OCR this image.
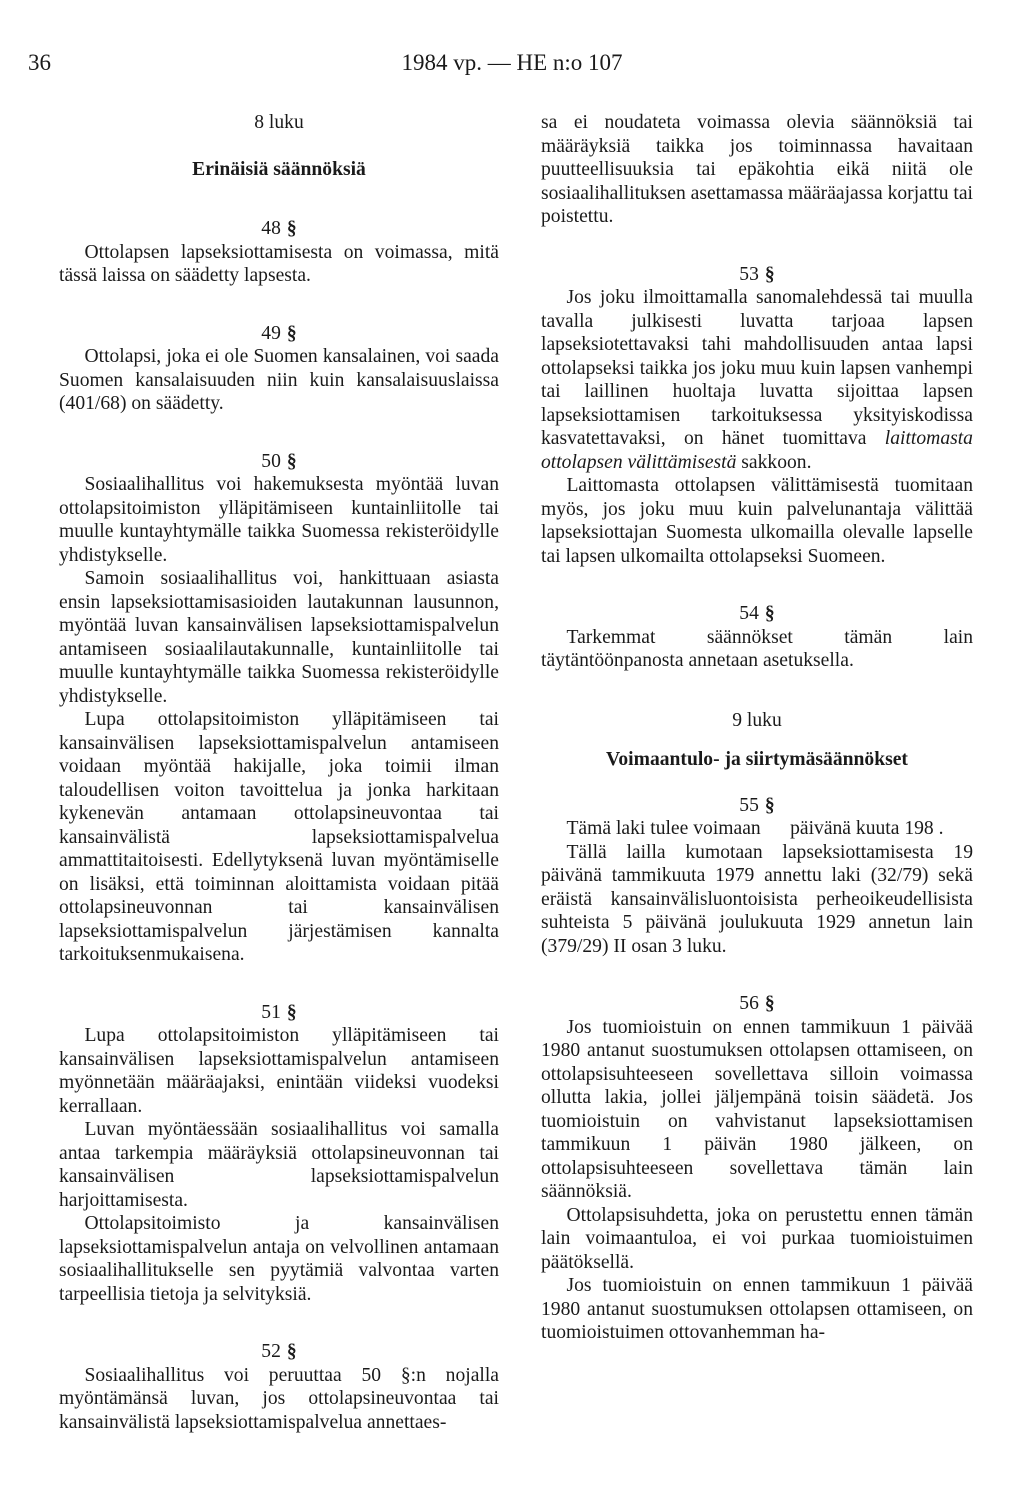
36	1984 vp. — HE n:o 107

8 luku

Erinäisiä säännöksiä

48 §

Ottolapsen lapseksiottamisesta on voimassa, mitä tässä laissa on säädetty lapsesta.

49 §

Ottolapsi, joka ei ole Suomen kansalainen, voi saada Suomen kansalaisuuden niin kuin kansalaisuuslaissa (401/68) on säädetty.

50 §

Sosiaalihallitus voi hakemuksesta myöntää luvan ottolapsitoimiston ylläpitämiseen kuntainliitolle tai muulle kuntayhtymälle taikka Suomessa rekisteröidylle yhdistykselle.

Samoin sosiaalihallitus voi, hankittuaan asiasta ensin lapseksiottamisasioiden lautakunnan lausunnon, myöntää luvan kansainvälisen lapseksiottamispalvelun antamiseen sosiaalilautakunnalle, kuntainliitolle tai muulle kuntayhtymälle taikka Suomessa rekisteröidylle yhdistykselle.

Lupa ottolapsitoimiston ylläpitämiseen tai kansainvälisen lapseksiottamispalvelun antamiseen voidaan myöntää hakijalle, joka toimii ilman taloudellisen voiton tavoittelua ja jonka harkitaan kykenevän antamaan ottolapsineuvontaa tai kansainvälistä lapseksiottamispalvelua ammattitaitoisesti. Edellytyksenä luvan myöntämiselle on lisäksi, että toiminnan aloittamista voidaan pitää ottolapsineuvonnan tai kansainvälisen lapseksiottamispalvelun järjestämisen kannalta tarkoituksenmukaisena.

51 §

Lupa ottolapsitoimiston ylläpitämiseen tai kansainvälisen lapseksiottamispalvelun antamiseen myönnetään määräajaksi, enintään viideksi vuodeksi kerrallaan.

Luvan myöntäessään sosiaalihallitus voi samalla antaa tarkempia määräyksiä ottolapsineuvonnan tai kansainvälisen lapseksiottamispalvelun harjoittamisesta.

Ottolapsitoimisto ja kansainvälisen lapseksiottamispalvelun antaja on velvollinen antamaan sosiaalihallitukselle sen pyytämiä valvontaa varten tarpeellisia tietoja ja selvityksiä.

52 §

Sosiaalihallitus voi peruuttaa 50 §:n nojalla myöntämänsä luvan, jos ottolapsineuvontaa tai kansainvälistä lapseksiottamispalvelua annettaes-

sa ei noudateta voimassa olevia säännöksiä tai määräyksiä taikka jos toiminnassa havaitaan puutteellisuuksia tai epäkohtia eikä niitä ole sosiaalihallituksen asettamassa määräajassa korjattu tai poistettu.

53 §

Jos joku ilmoittamalla sanomalehdessä tai muulla tavalla julkisesti luvatta tarjoaa lapsen lapseksiotettavaksi tahi mahdollisuuden antaa lapsi ottolapseksi taikka jos joku muu kuin lapsen vanhempi tai laillinen huoltaja luvatta sijoittaa lapsen lapseksiottamisen tarkoituksessa yksityiskodissa kasvatettavaksi, on hänet tuomittava laittomasta ottolapsen välittämisestä sakkoon.

Laittomasta ottolapsen välittämisestä tuomitaan myös, jos joku muu kuin palvelunantaja välittää lapseksiottajan Suomesta ulkomailla olevalle lapselle tai lapsen ulkomailta ottolapseksi Suomeen.

54 §

Tarkemmat säännökset tämän lain täytäntöönpanosta annetaan asetuksella.

9 luku

Voimaantulo- ja siirtymäsäännökset

55 §

Tämä laki tulee voimaan      päivänä kuuta 198 .

Tällä lailla kumotaan lapseksiottamisesta 19 päivänä tammikuuta 1979 annettu laki (32/79) sekä eräistä kansainvälisluontoisista perheoikeudellisista suhteista 5 päivänä joulukuuta 1929 annetun lain (379/29) II osan 3 luku.

56 §

Jos tuomioistuin on ennen tammikuun 1 päivää 1980 antanut suostumuksen ottolapsen ottamiseen, on ottolapsisuhteeseen sovellettava silloin voimassa ollutta lakia, jollei jäljempänä toisin säädetä. Jos tuomioistuin on vahvistanut lapseksiottamisen tammikuun 1 päivän 1980 jälkeen, on ottolapsisuhteeseen sovellettava tämän lain säännöksiä.

Ottolapsisuhdetta, joka on perustettu ennen tämän lain voimaantuloa, ei voi purkaa tuomioistuimen päätöksellä.

Jos tuomioistuin on ennen tammikuun 1 päivää 1980 antanut suostumuksen ottolapsen ottamiseen, on tuomioistuimen ottovanhemman ha-
